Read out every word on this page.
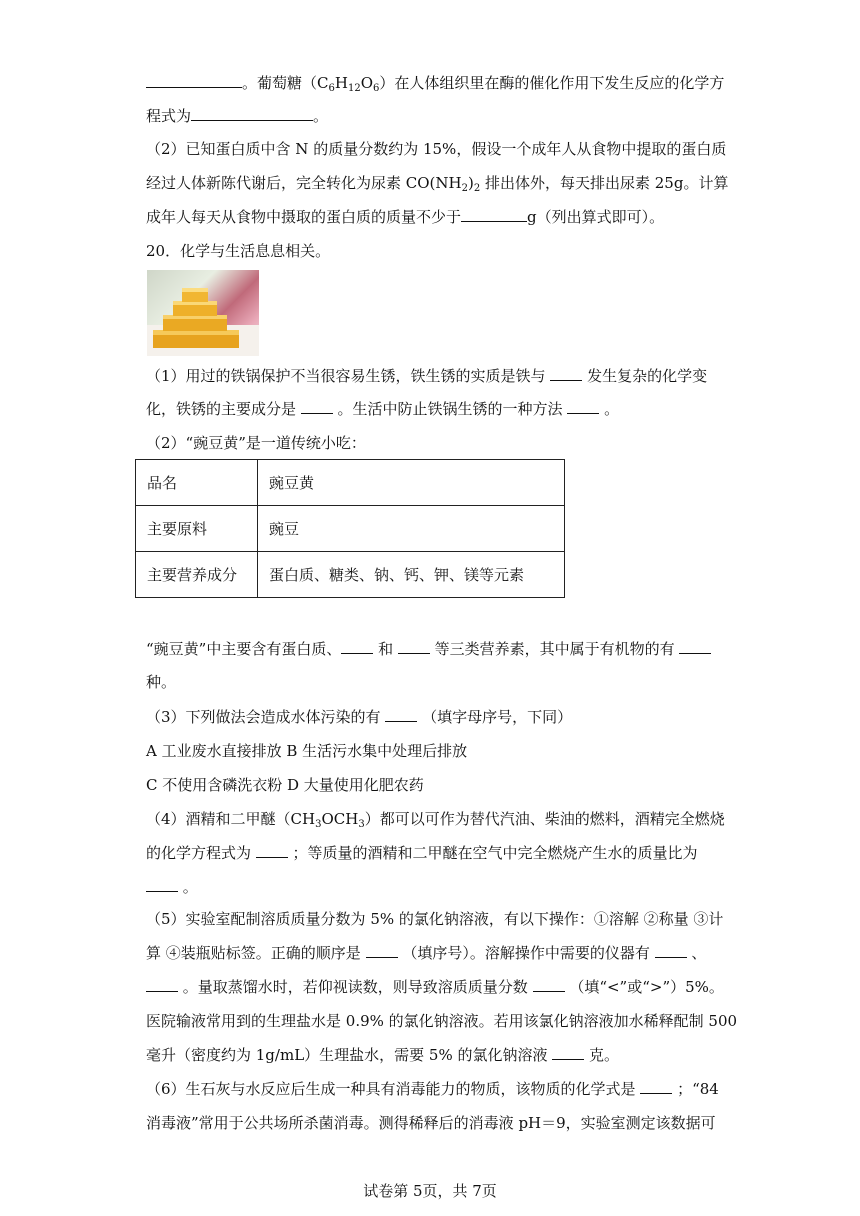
。葡萄糖$(C_6H_{12}O_6)$在人体组织里在酶的催化作用下发生反应的化学方
程式为	。
（2）已知蛋白质中含 N 的质量分数约为 15%，假设一个成年人从食物中提取的蛋白质
经过人体新陈代谢后，完全转化为尿素 $CO(NH_2)_2$ 排出体外，每天排出尿素 25g。计算
成年人每天从食物中摄取的蛋白质的质量不少于	g（列出算式即可）。
20．化学与生活息息相关。
（1）用过的铁锅保护不当很容易生锈，铁生锈的实质是铁与  发生复杂的化学变
化，铁锈的主要成分是  。生活中防止铁锅生锈的一种方法  。
（2）“豌豆黄”是一道传统小吃：
品名	豌豆黄
主要原料	豌豆
主要营养成分	蛋白质、糖类、钠、钙、钾、镁等元素
“豌豆黄”中主要含有蛋白质、 和  等三类营养素，其中属于有机物的有
种。
（3）下列做法会造成水体污染的有  （填字母序号，下同）
A 工业废水直接排放 B 生活污水集中处理后排放
C 不使用含磷洗衣粉 D 大量使用化肥农药
（4）酒精和二甲醚$(CH_3OCH_3)$都可以可作为替代汽油、柴油的燃料，酒精完全燃烧
的化学方程式为  ；等质量的酒精和二甲醚在空气中完全燃烧产生水的质量比为
。
（5）实验室配制溶质质量分数为 5% 的氯化钠溶液，有以下操作：①溶解 ②称量 ③计
算 ④装瓶贴标签。正确的顺序是  （填序号）。溶解操作中需要的仪器有  、
。量取蒸馏水时，若仰视读数，则导致溶质质量分数  （填“<”或“>”）5%。
医院输液常用到的生理盐水是 0.9% 的氯化钠溶液。若用该氯化钠溶液加水稀释配制 500
毫升（密度约为 1g/mL）生理盐水，需要 5% 的氯化钠溶液  克。
（6）生石灰与水反应后生成一种具有消毒能力的物质，该物质的化学式是  ；“84
消毒液”常用于公共场所杀菌消毒。测得稀释后的消毒液 pH＝9，实验室测定该数据可
试卷第 5页，共 7页
